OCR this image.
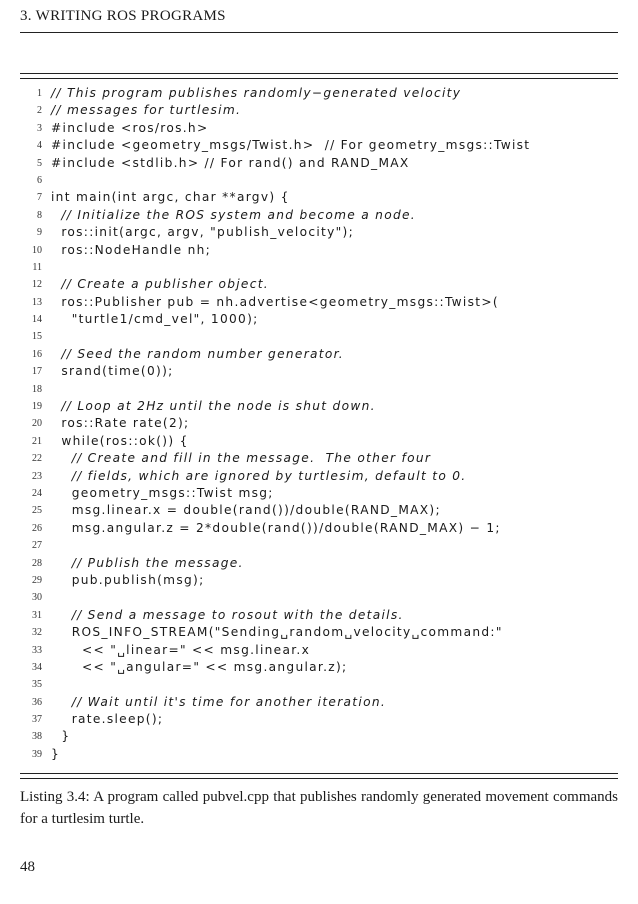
3. WRITING ROS PROGRAMS
1 // This program publishes randomly−generated velocity
2 // messages for turtlesim.
3 #include <ros/ros.h>
4 #include <geometry_msgs/Twist.h>  // For geometry_msgs::Twist
5 #include <stdlib.h> // For rand() and RAND_MAX
6
7 int main(int argc, char **argv) {
8 // Initialize the ROS system and become a node.
9 ros::init(argc, argv, "publish_velocity");
10 ros::NodeHandle nh;
11
12 // Create a publisher object.
13 ros::Publisher pub = nh.advertise<geometry_msgs::Twist>(
14 "turtle1/cmd_vel", 1000);
15
16 // Seed the random number generator.
17 srand(time(0));
18
19 // Loop at 2Hz until the node is shut down.
20 ros::Rate rate(2);
21 while(ros::ok()) {
22 // Create and fill in the message.  The other four
23 // fields, which are ignored by turtlesim, default to 0.
24 geometry_msgs::Twist msg;
25 msg.linear.x = double(rand())/double(RAND_MAX);
26 msg.angular.z = 2*double(rand())/double(RAND_MAX) − 1;
27
28 // Publish the message.
29 pub.publish(msg);
30
31 // Send a message to rosout with the details.
32 ROS_INFO_STREAM("Sending␣random␣velocity␣command:"
33 << "␣linear=" << msg.linear.x
34 << "␣angular=" << msg.angular.z);
35
36 // Wait until it's time for another iteration.
37 rate.sleep();
38 }
39 }
Listing 3.4: A program called pubvel.cpp that publishes randomly generated movement commands for a turtlesim turtle.
48
